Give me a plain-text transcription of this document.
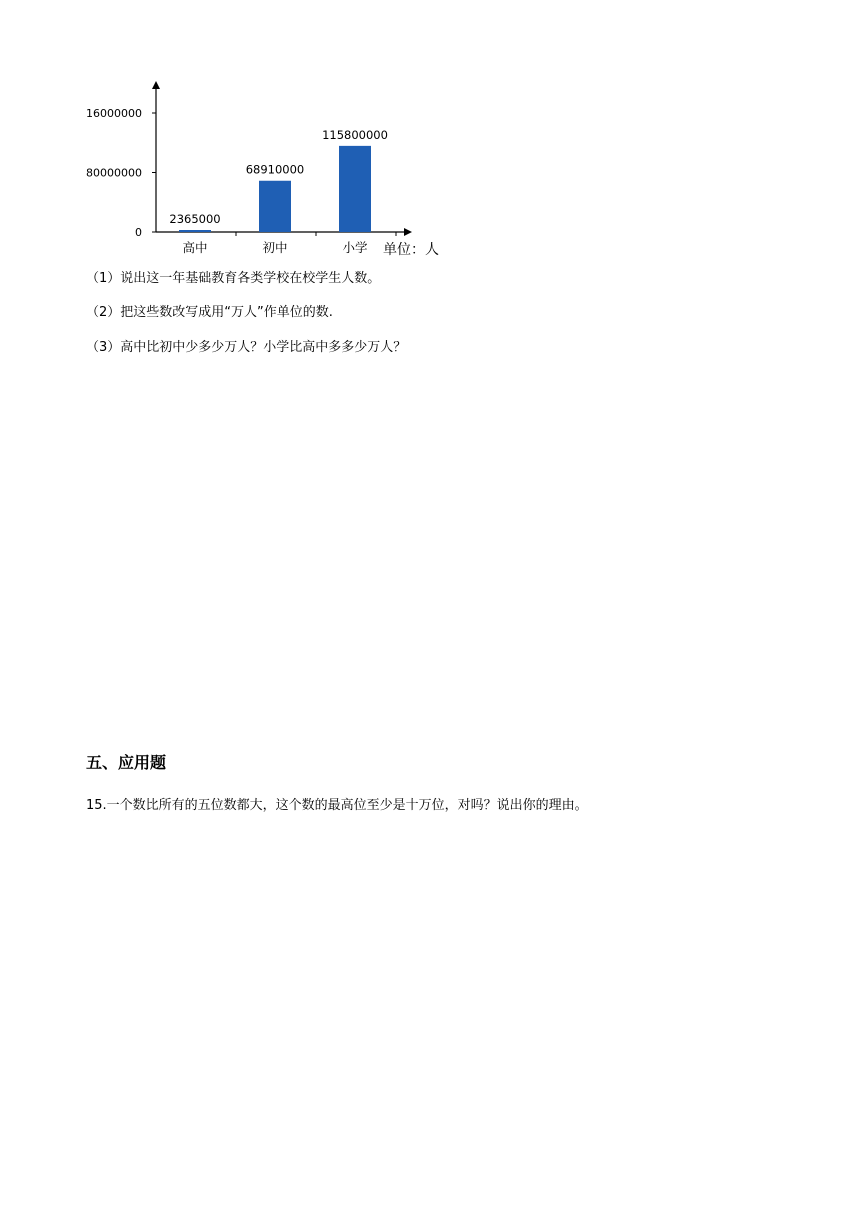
0
80000000
16000000
2365000
高中
68910000
初中
115800000
小学 单位：人
（1）说出这一年基础教育各类学校在校学生人数。
（2）把这些数改写成用“万人”作单位的数.
（3）高中比初中少多少万人？小学比高中多多少万人？
五、应用题
15.一个数比所有的五位数都大，这个数的最高位至少是十万位，对吗？说出你的理由。
